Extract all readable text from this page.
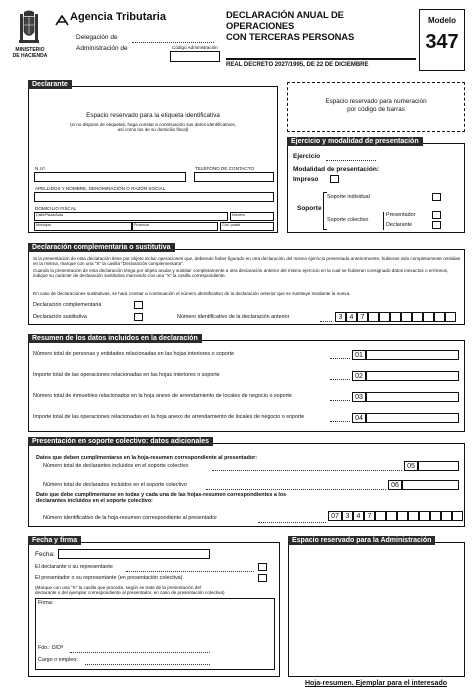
MINISTERIO
DE HACIENDA
Agencia Tributaria
Delegación de
Administración de	Código Administración
DECLARACIÓN ANUAL DE OPERACIONES
CON TERCERAS PERSONAS
REAL DECRETO 2027/1995, DE 22 DE DICIEMBRE
Modelo
347
Declarante
Espacio reservado para la etiqueta identificativa
(si no dispone de etiquetas, haga constar a continuación sus datos identificativos,
así como los de su domicilio fiscal)
N.I.F.	TELÉFONO DE CONTACTO
APELLIDOS Y NOMBRE, DENOMINACIÓN O RAZÓN SOCIAL
DOMICILIO FISCAL
Calle/Plaza/Avda	Número
Municipio	Provincia	Cód. postal
Espacio reservado para numeración
por código de barras
Ejercicio y modalidad de presentación
Ejercicio
Modalidad de presentación:
Impreso
Soporte
Soporte individual
Soporte colectivo
Presentador
Declarante
Declaración complementaria o sustitutiva
Si la presentación de esta declaración tiene por objeto incluir operaciones que, debiendo haber figurado en otra declaración del mismo ejercicio presentada anteriormente, hubieran sido completamente omitidas en la misma, marque con una "X" la casilla "Declaración complementaria".
Cuando la presentación de esta declaración tenga por objeto anular y sustituir completamente a otra declaración anterior del mismo ejercicio en la cual se hubieran consignado datos inexactos o erróneos, indique su carácter de declaración sustitutiva marcando con una "X" la casilla correspondiente.
En caso de declaraciones sustitutivas, se hará constar a continuación el número identificativo de la declaración anterior que se sustituye mediante la nueva.
Declaración complementaria
Declaración sustitutiva	Número identificativo de la declaración anterior	3	4	7
Resumen de los datos incluidos en la declaración
Número total de personas y entidades relacionadas en las hojas interiores o soporte	01
Importe total de las operaciones relacionadas en las hojas interiores o soporte	02
Número total de inmuebles relacionados en la hoja anexo de arrendamiento de locales de negocio o soporte	03
Importe total de las operaciones relacionadas en la hoja anexo de arrendamiento de locales de negocio o soporte	04
Presentación en soporte colectivo: datos adicionales
Datos que deben cumplimentarse en la hoja-resumen correspondiente al presentador:
Número total de declarantes incluidos en el soporte colectivo	05
Número total de declarados incluidos en el soporte colectivo	06
Dato que debe cumplimentarse en todas y cada una de las hojas-resumen correspondientes a los
declarantes incluidos en el soporte colectivo:
Número identificativo de la hoja-resumen correspondiente al presentador	07 3	4	7
Fecha y firma
Fecha:
El declarante o su representante
El presentador o su representante (en presentación colectiva)
(Marque con una "X" la casilla que proceda, según se trate de la presentación del
declarante o del ejemplar correspondiente al presentador, en caso de presentación colectiva)
Firma:
Fdo.: D/Dª
Cargo o empleo:
Espacio reservado para la Administración
Hoja-resumen. Ejemplar para el interesado
